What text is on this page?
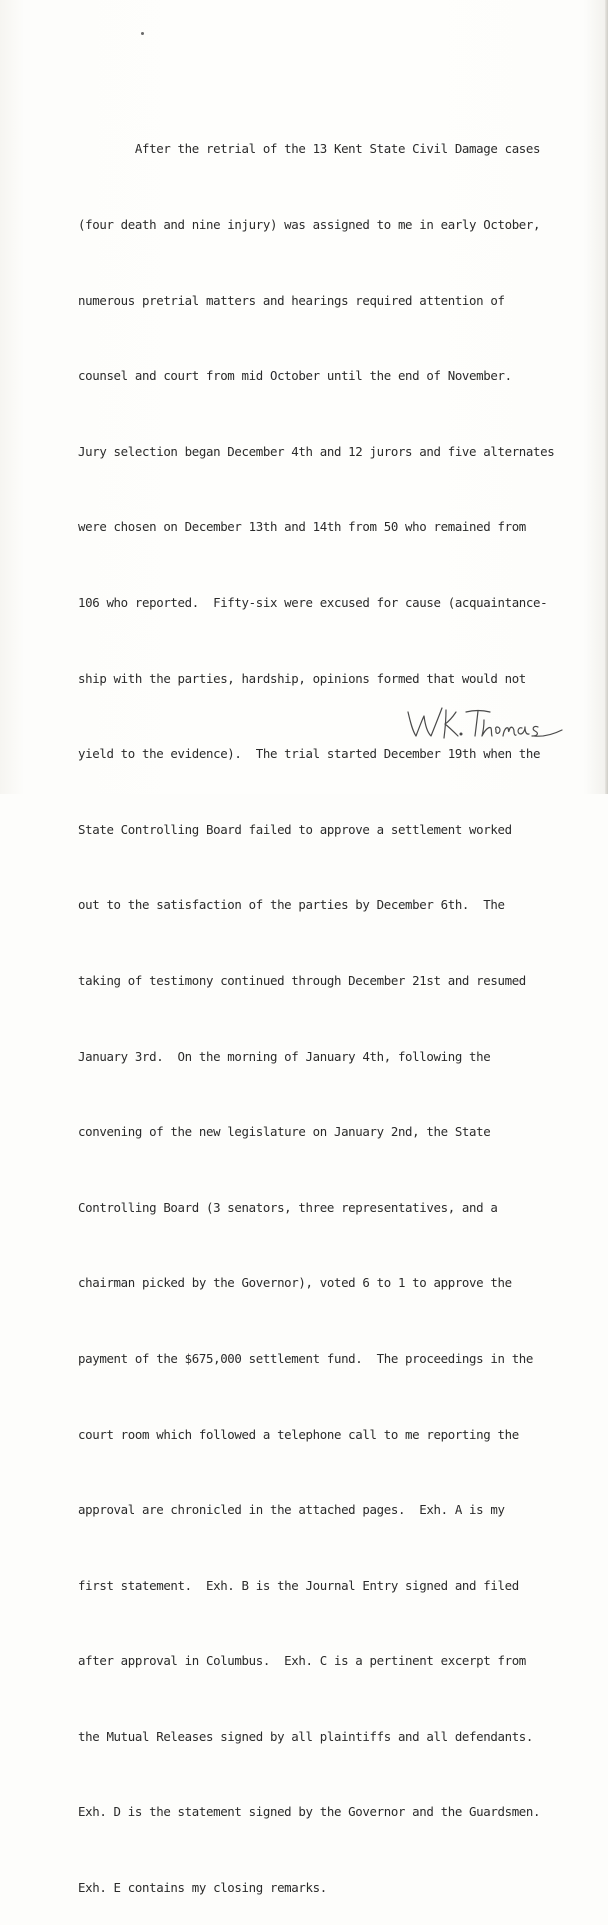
After the retrial of the 13 Kent State Civil Damage cases

(four death and nine injury) was assigned to me in early October,

numerous pretrial matters and hearings required attention of

counsel and court from mid October until the end of November.

Jury selection began December 4th and 12 jurors and five alternates

were chosen on December 13th and 14th from 50 who remained from

106 who reported.  Fifty-six were excused for cause (acquaintance-

ship with the parties, hardship, opinions formed that would not

yield to the evidence).  The trial started December 19th when the

State Controlling Board failed to approve a settlement worked

out to the satisfaction of the parties by December 6th.  The

taking of testimony continued through December 21st and resumed

January 3rd.  On the morning of January 4th, following the

convening of the new legislature on January 2nd, the State

Controlling Board (3 senators, three representatives, and a

chairman picked by the Governor), voted 6 to 1 to approve the

payment of the $675,000 settlement fund.  The proceedings in the

court room which followed a telephone call to me reporting the

approval are chronicled in the attached pages.  Exh. A is my

first statement.  Exh. B is the Journal Entry signed and filed

after approval in Columbus.  Exh. C is a pertinent excerpt from

the Mutual Releases signed by all plaintiffs and all defendants.

Exh. D is the statement signed by the Governor and the Guardsmen.

Exh. E contains my closing remarks.
